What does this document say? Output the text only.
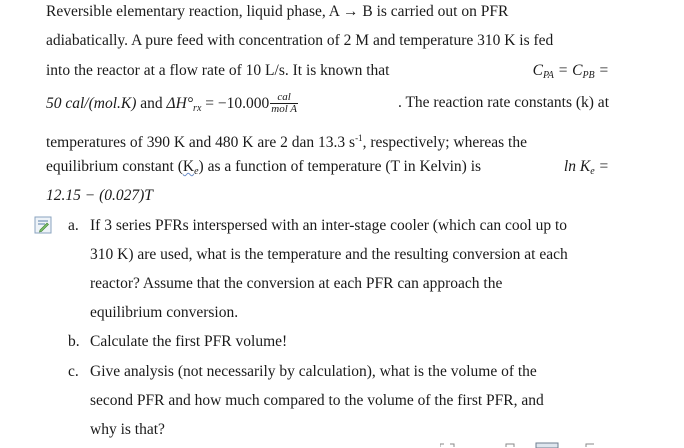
Reversible elementary reaction, liquid phase, A → B is carried out on PFR
adiabatically. A pure feed with concentration of 2 M and temperature 310 K is fed
into the reactor at a flow rate of 10 L/s. It is known that	$C_{PA} = C_{PB}$ =
50 cal/(mol.K) and $\Delta H^\circ_{rx} = -10.000 \frac{\text{cal}}{\text{mol A}}$	. The reaction rate constants (k) at
temperatures of 390 K and 480 K are 2 dan 13.3 $s^{-1}$, respectively; whereas the
equilibrium constant $(K_e)$ as a function of temperature (T in Kelvin) is	$\ln K_e$ =
12.15 − (0.027)T
a. If 3 series PFRs interspersed with an inter-stage cooler (which can cool up to
310 K) are used, what is the temperature and the resulting conversion at each
reactor? Assume that the conversion at each PFR can approach the
equilibrium conversion.
b. Calculate the first PFR volume!
c. Give analysis (not necessarily by calculation), what is the volume of the
second PFR and how much compared to the volume of the first PFR, and
why is that?
